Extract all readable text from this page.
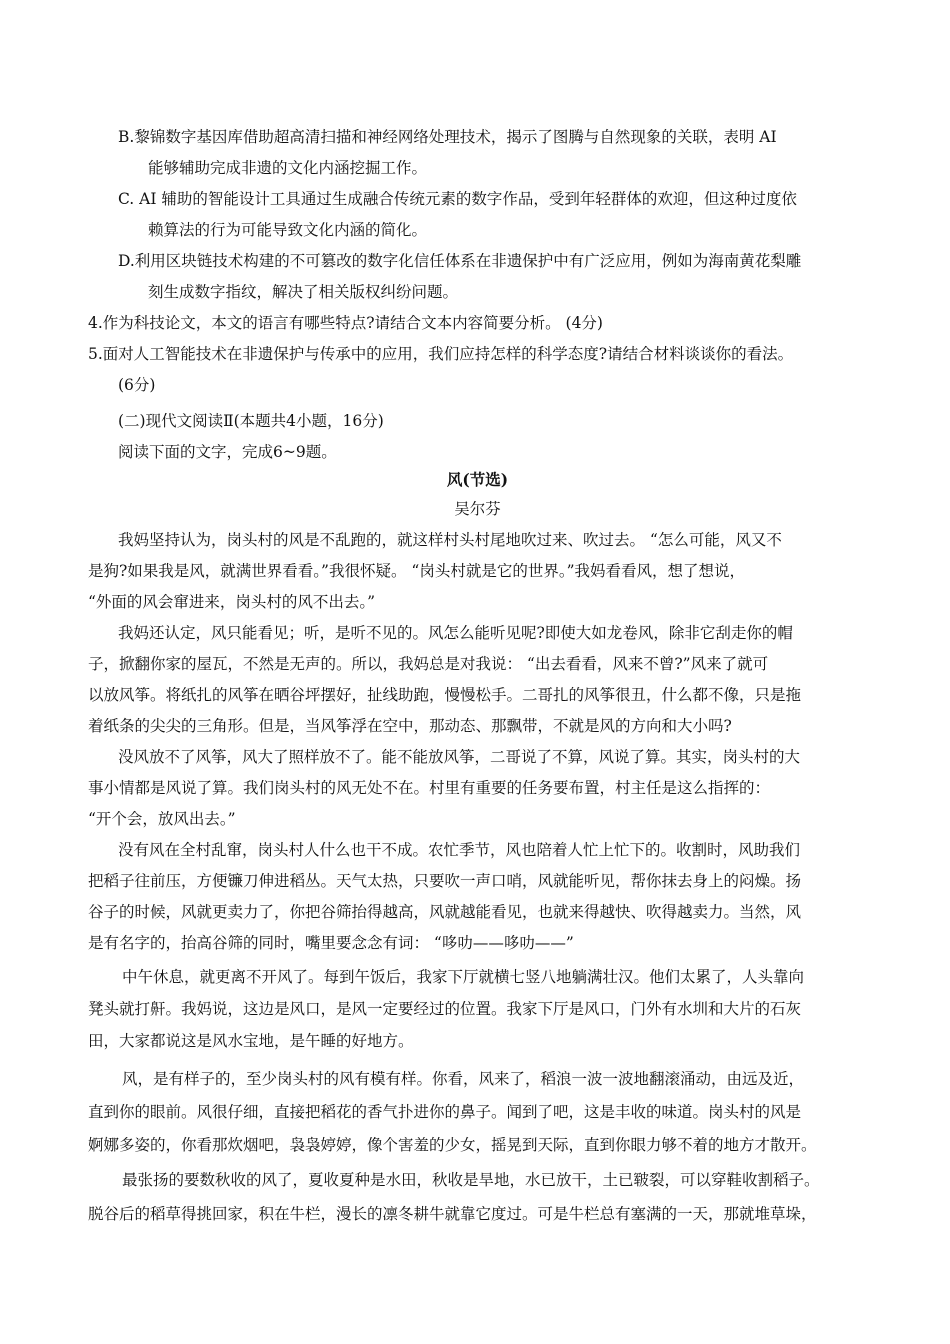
B.黎锦数字基因库借助超高清扫描和神经网络处理技术，揭示了图腾与自然现象的关联，表明 AI
能够辅助完成非遗的文化内涵挖掘工作。
C. AI 辅助的智能设计工具通过生成融合传统元素的数字作品，受到年轻群体的欢迎，但这种过度依
赖算法的行为可能导致文化内涵的简化。
D.利用区块链技术构建的不可篡改的数字化信任体系在非遗保护中有广泛应用，例如为海南黄花梨雕
刻生成数字指纹，解决了相关版权纠纷问题。
4.作为科技论文，本文的语言有哪些特点?请结合文本内容简要分析。 (4分)
5.面对人工智能技术在非遗保护与传承中的应用，我们应持怎样的科学态度?请结合材料谈谈你的看法。
(6分)
(二)现代文阅读Ⅱ(本题共4小题，16分)
阅读下面的文字，完成6~9题。
风(节选)
吴尔芬
我妈坚持认为，岗头村的风是不乱跑的，就这样村头村尾地吹过来、吹过去。 “怎么可能，风又不
是狗?如果我是风，就满世界看看。”我很怀疑。 “岗头村就是它的世界。”我妈看看风，想了想说，
“外面的风会窜进来，岗头村的风不出去。”
我妈还认定，风只能看见；听，是听不见的。风怎么能听见呢?即使大如龙卷风，除非它刮走你的帽
子，掀翻你家的屋瓦，不然是无声的。所以，我妈总是对我说： “出去看看，风来不曾?”风来了就可
以放风筝。将纸扎的风筝在晒谷坪摆好，扯线助跑，慢慢松手。二哥扎的风筝很丑，什么都不像，只是拖
着纸条的尖尖的三角形。但是，当风筝浮在空中，那动态、那飘带，不就是风的方向和大小吗?
没风放不了风筝，风大了照样放不了。能不能放风筝，二哥说了不算，风说了算。其实，岗头村的大
事小情都是风说了算。我们岗头村的风无处不在。村里有重要的任务要布置，村主任是这么指挥的：
“开个会，放风出去。”
没有风在全村乱窜，岗头村人什么也干不成。农忙季节，风也陪着人忙上忙下的。收割时，风助我们
把稻子往前压，方便镰刀伸进稻丛。天气太热，只要吹一声口哨，风就能听见，帮你抹去身上的闷燥。扬
谷子的时候，风就更卖力了，你把谷筛抬得越高，风就越能看见，也就来得越快、吹得越卖力。当然，风
是有名字的，抬高谷筛的同时，嘴里要念念有词： “哆叻——哆叻——”
中午休息，就更离不开风了。每到午饭后，我家下厅就横七竖八地躺满壮汉。他们太累了，人头靠向
凳头就打鼾。我妈说，这边是风口，是风一定要经过的位置。我家下厅是风口，门外有水圳和大片的石灰
田，大家都说这是风水宝地，是午睡的好地方。
风，是有样子的，至少岗头村的风有模有样。你看，风来了，稻浪一波一波地翻滚涌动，由远及近，
直到你的眼前。风很仔细，直接把稻花的香气扑进你的鼻子。闻到了吧，这是丰收的味道。岗头村的风是
婀娜多姿的，你看那炊烟吧，袅袅婷婷，像个害羞的少女，摇晃到天际，直到你眼力够不着的地方才散开。
最张扬的要数秋收的风了，夏收夏种是水田，秋收是旱地，水已放干，土已皲裂，可以穿鞋收割稻子。
脱谷后的稻草得挑回家，积在牛栏，漫长的凛冬耕牛就靠它度过。可是牛栏总有塞满的一天，那就堆草垛，
